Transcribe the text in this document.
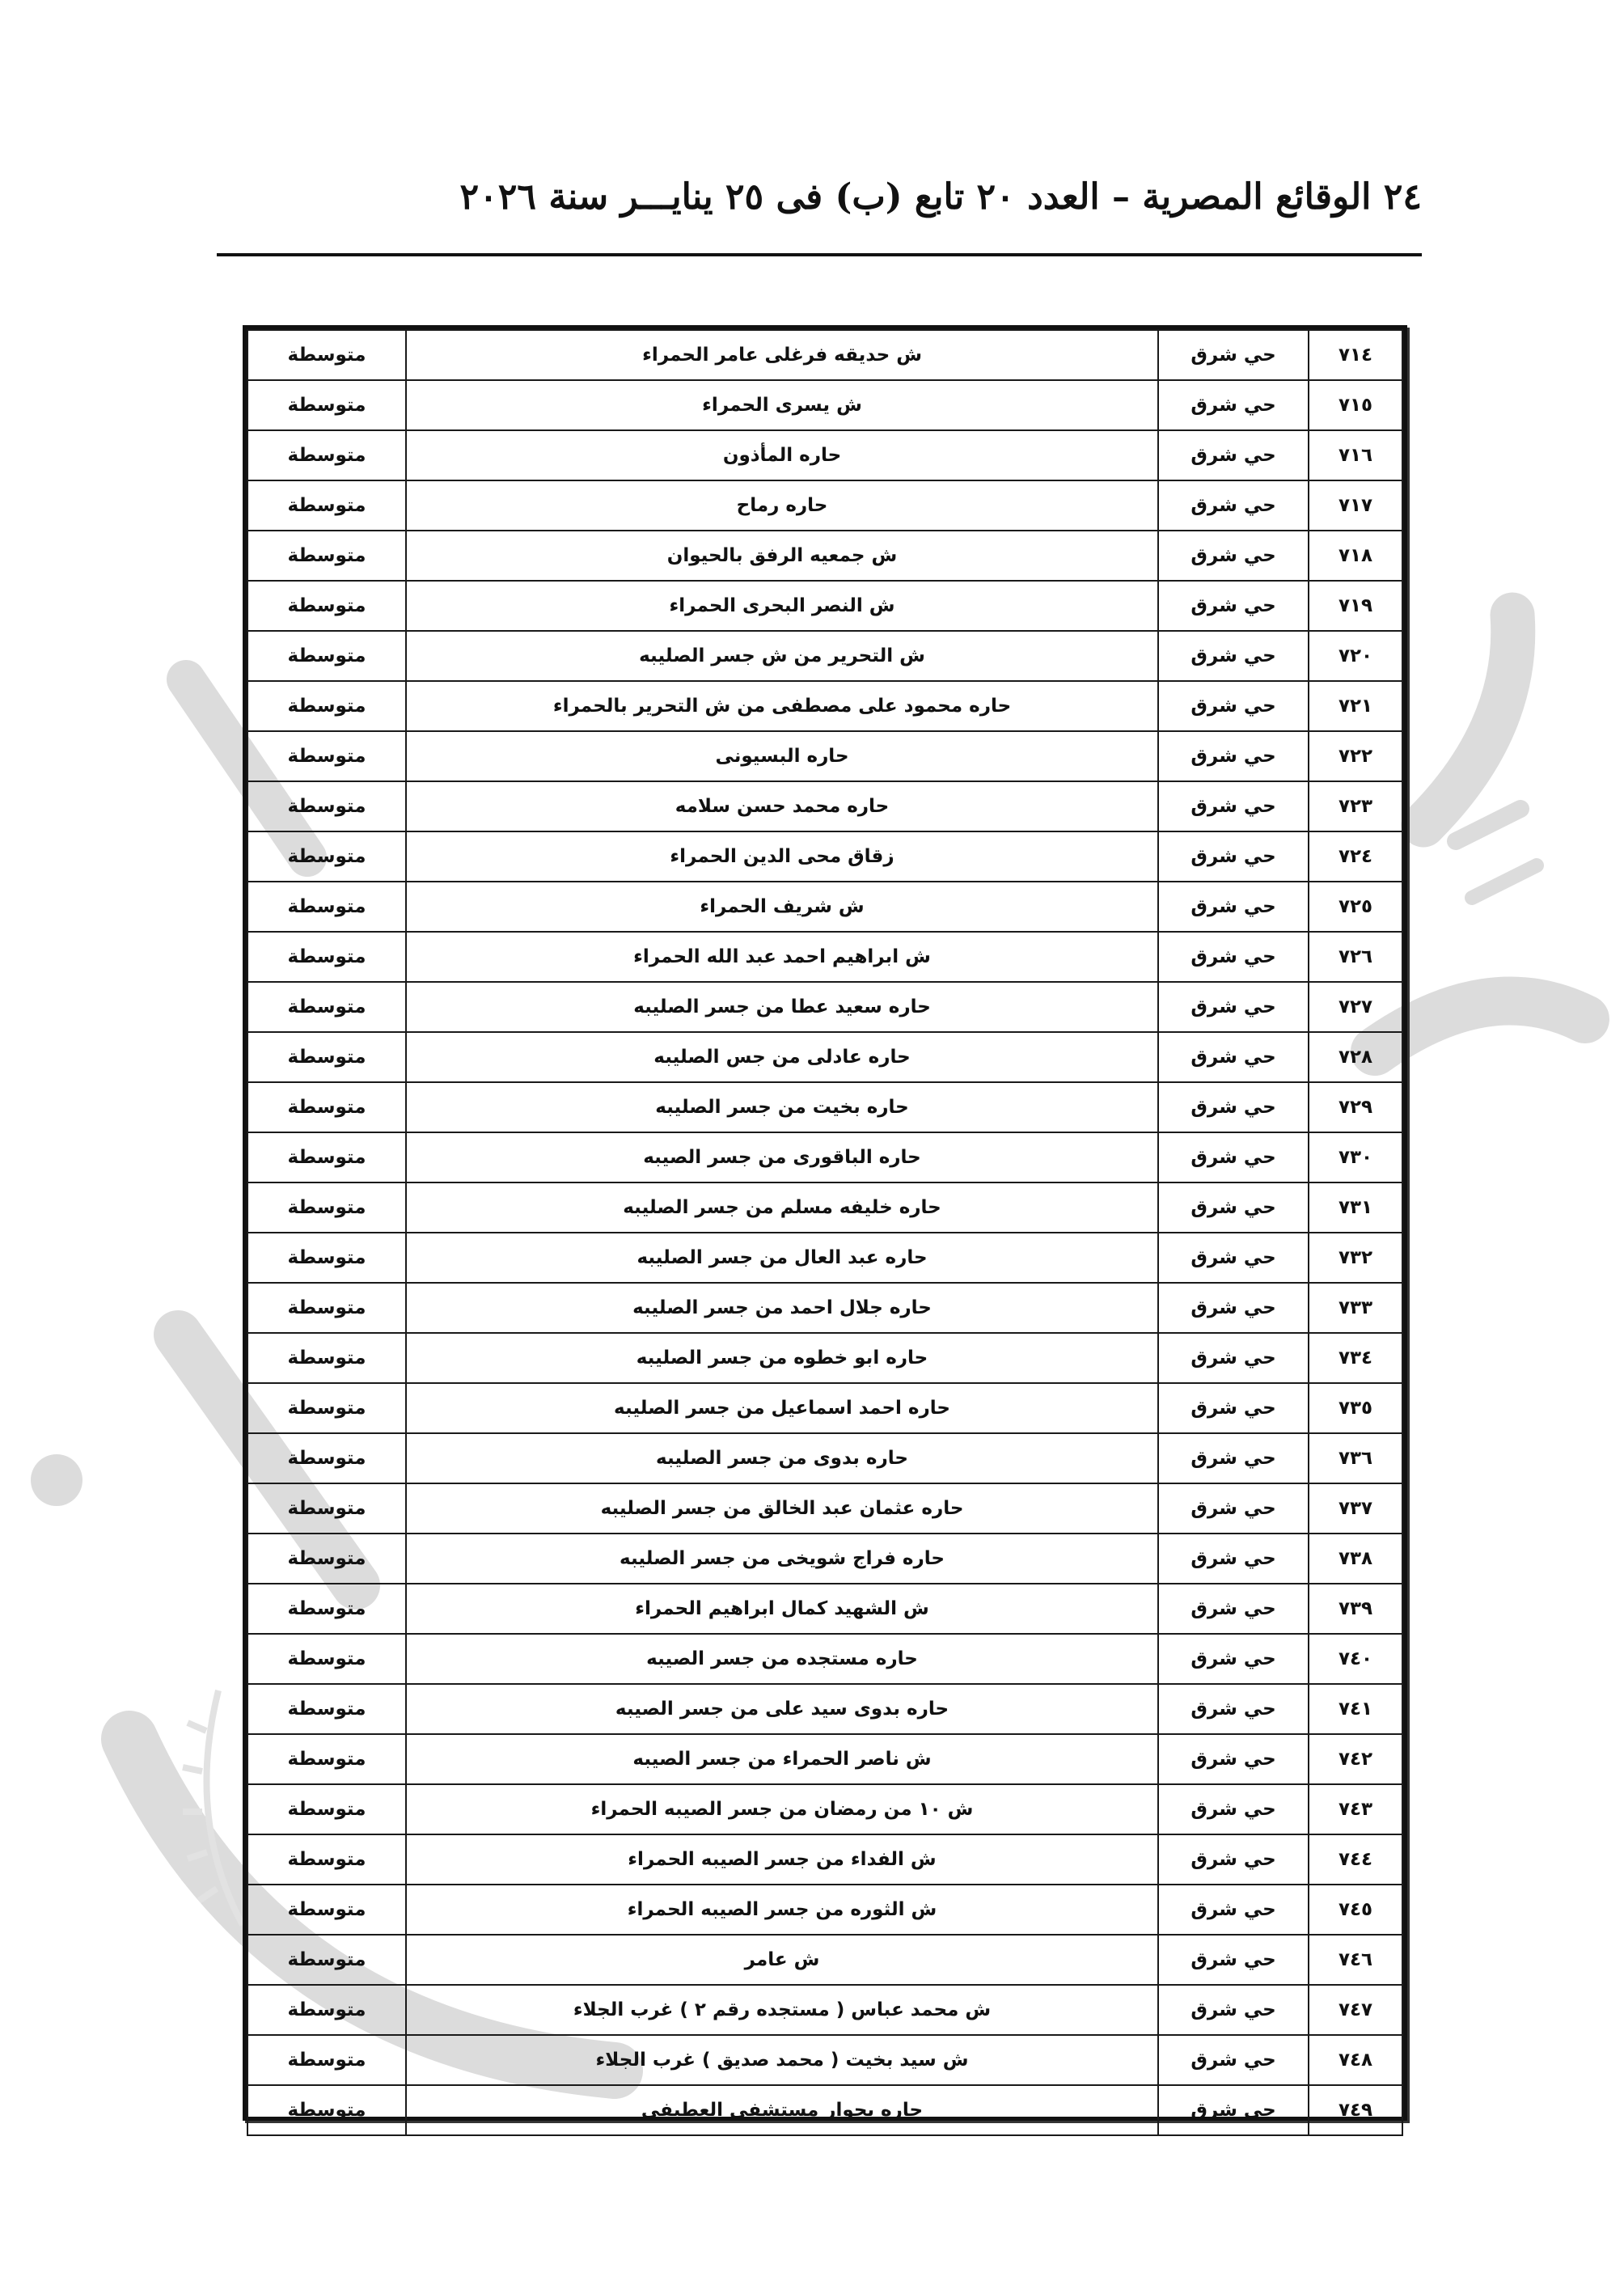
٢٤ الوقائع المصرية – العدد ٢٠ تابع (ب) فى ٢٥ ينايـــر سنة ٢٠٢٦
٧١٤	حي شرق	ش حديقه فرغلى عامر الحمراء	متوسطة
٧١٥	حي شرق	ش يسرى الحمراء	متوسطة
٧١٦	حي شرق	حاره المأذون	متوسطة
٧١٧	حي شرق	حاره رماح	متوسطة
٧١٨	حي شرق	ش جمعيه الرفق بالحيوان	متوسطة
٧١٩	حي شرق	ش النصر البحرى الحمراء	متوسطة
٧٢٠	حي شرق	ش التحرير من ش جسر الصليبه	متوسطة
٧٢١	حي شرق	حاره محمود على مصطفى من ش التحرير بالحمراء	متوسطة
٧٢٢	حي شرق	حاره البسيونى	متوسطة
٧٢٣	حي شرق	حاره محمد حسن سلامه	متوسطة
٧٢٤	حي شرق	زقاق محى الدين الحمراء	متوسطة
٧٢٥	حي شرق	ش شريف الحمراء	متوسطة
٧٢٦	حي شرق	ش ابراهيم احمد عبد الله الحمراء	متوسطة
٧٢٧	حي شرق	حاره سعيد عطا من جسر الصليبه	متوسطة
٧٢٨	حي شرق	حاره عادلى من جس الصليبه	متوسطة
٧٢٩	حي شرق	حاره بخيت من جسر الصليبه	متوسطة
٧٣٠	حي شرق	حاره الباقورى من جسر الصيبه	متوسطة
٧٣١	حي شرق	حاره خليفه مسلم من جسر الصليبه	متوسطة
٧٣٢	حي شرق	حاره عبد العال من جسر الصليبه	متوسطة
٧٣٣	حي شرق	حاره جلال احمد من جسر الصليبه	متوسطة
٧٣٤	حي شرق	حاره ابو خطوه من جسر الصليبه	متوسطة
٧٣٥	حي شرق	حاره احمد اسماعيل من جسر الصليبه	متوسطة
٧٣٦	حي شرق	حاره بدوى من جسر الصليبه	متوسطة
٧٣٧	حي شرق	حاره عثمان عبد الخالق من جسر الصليبه	متوسطة
٧٣٨	حي شرق	حاره فراج شويخى من جسر الصليبه	متوسطة
٧٣٩	حي شرق	ش الشهيد كمال ابراهيم الحمراء	متوسطة
٧٤٠	حي شرق	حاره مستجده من جسر الصيبه	متوسطة
٧٤١	حي شرق	حاره بدوى سيد على من جسر الصيبه	متوسطة
٧٤٢	حي شرق	ش ناصر الحمراء من جسر الصيبه	متوسطة
٧٤٣	حي شرق	ش ١٠ من رمضان من جسر الصيبه الحمراء	متوسطة
٧٤٤	حي شرق	ش الفداء من جسر الصيبه الحمراء	متوسطة
٧٤٥	حي شرق	ش الثوره من جسر الصيبه الحمراء	متوسطة
٧٤٦	حي شرق	ش عامر	متوسطة
٧٤٧	حي شرق	ش محمد عباس ( مستجده رقم ٢ ) غرب الجلاء	متوسطة
٧٤٨	حي شرق	ش سيد بخيت ( محمد صديق ) غرب الجلاء	متوسطة
٧٤٩	حي شرق	حاره بجوار مستشفى العطيفى	متوسطة
